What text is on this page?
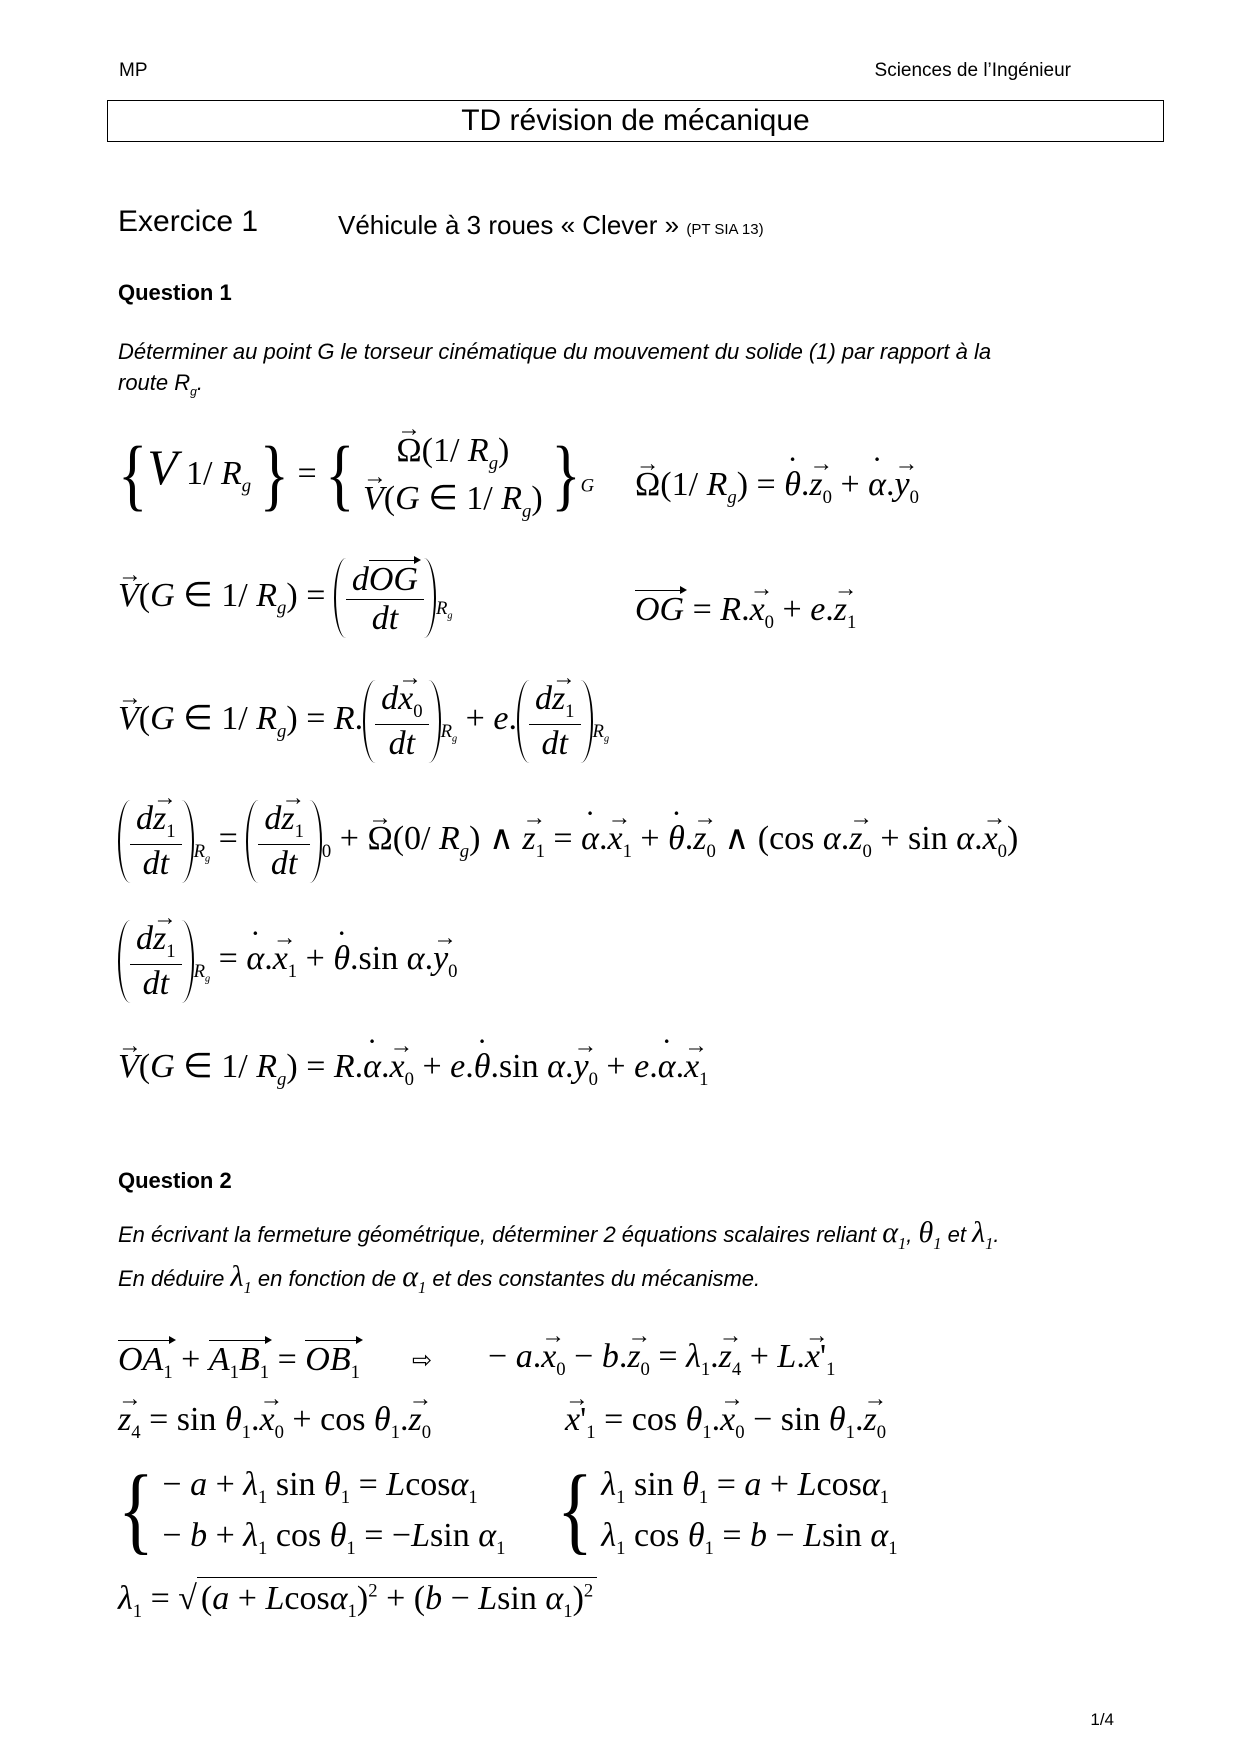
MP	Sciences de l’Ingénieur
TD révision de mécanique
Exercice 1	Véhicule à 3 roues « Clever » (PT SIA 13)
Question 1
Déterminer au point G le torseur cinématique du mouvement du solide (1) par rapport à la
route $R_g$.
{V 1/ $R_g$ } = { → Ω(1/ $R_g$)
→ V(G ∈ 1/ $R_g$) }$_G \to \Omega(1/$ $R_g$) = ˙ $\theta.\to z_0$ + ˙ $\alpha.\to y_0$
→ V(G ∈ 1/ $R_g) = \frac{\text{dOG}}{dt} _{R_g}$	OG = $R.\to x_0 + e.\to z_1$
→ V(G ∈ 1/ $R_g) = R$. $\frac{d\to x_0}{dt} _{R_g} + e$. $\frac{d\to z_1}{dt} _{R_g}$
$\frac{d\to z_1}{dt} _{R_g} = \frac{d\to z_1}{dt} _0$ + → Ω(0/ $R_g$) ∧ → $z_1$ = ˙ $\alpha.\to x_1$ + ˙ $\theta.\to z_0$ ∧ (cos $\alpha.\to z_0 + \sin \alpha.\to x_0$)
$\frac{d\to z_1}{dt} _{R_g}$ = ˙ $\alpha.\to x_1$ + ˙ θ.sin $\alpha.\to y_0$
→ V(G ∈ 1/ $R_g$) = R.˙ $\alpha.\to x_0$ + e.˙ θ.sin $\alpha.\to y_0$ + e.˙ $\alpha.\to x_1$
Question 2
En écrivant la fermeture géométrique, déterminer 2 équations scalaires reliant $\alpha_1$, $\theta_1$ et $\lambda_1$.
En déduire $\lambda_1$ en fonction de $\alpha_1$ et des constantes du mécanisme.
$OA_1 + A_1B_1 = OB_1$ ⇨ − $a.\to x_0 - b.\to z_0 = \lambda_1.\to z_4 + L.\to x'_1$
→ $z_4 = \sin \theta_1.\to x_0 + \cos \theta_1.\to z_0$	→ $x'_1 = \cos \theta_1.\to x_0 - \sin \theta_1.\to z_0$
{ − $a + \lambda_1$ $\sin \theta_1 = Lcos\alpha_1$
− $b + \lambda_1$ $\cos \theta_1 = -Lsin$ $\alpha_1$ { $\lambda_1$ $\sin \theta_1 = a + Lcos\alpha_1$
$\lambda_1$ $\cos \theta_1 = b - Lsin$ $\alpha_1$
$\lambda_1$ = √ $(a + Lcos\alpha_1)^2 + (b - Lsin$ $\alpha_1)^2$
1/4
